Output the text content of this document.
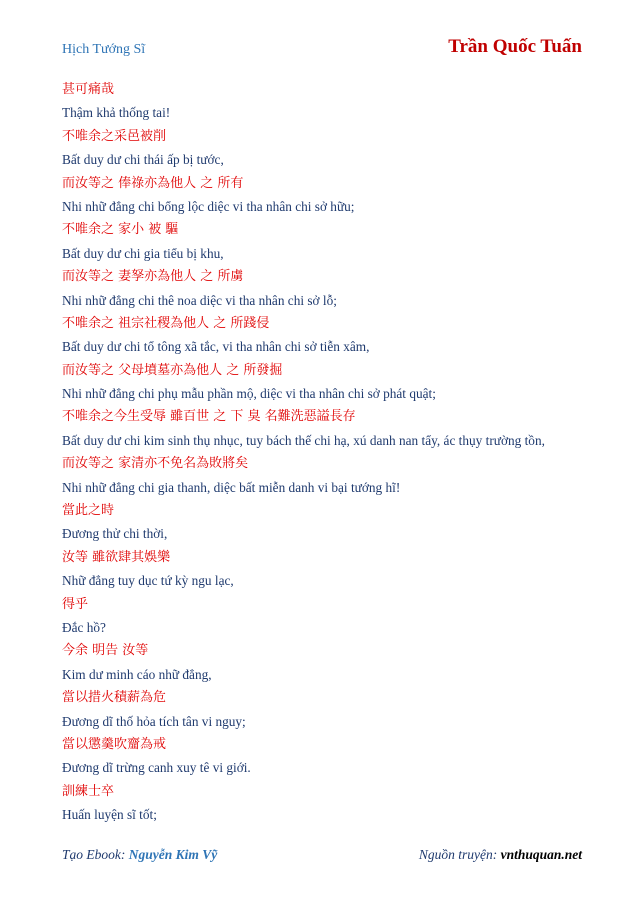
Hịch Tướng Sĩ	Trần Quốc Tuấn
甚可痛哉
Thậm khả thống tai!
不唯余之采邑被削
Bất duy dư chi thái ấp bị tước,
而汝等之 俸祿亦為他人 之 所有
Nhi nhữ đẳng chi bổng lộc diệc vi tha nhân chi sở hữu;
不唯余之 家小 被 驅
Bất duy dư chi gia tiểu bị khu,
而汝等之 妻孥亦為他人 之 所虜
Nhi nhữ đẳng chi thê noa diệc vi tha nhân chi sở lỗ;
不唯余之 祖宗社稷為他人 之 所踐侵
Bất duy dư chi tổ tông xã tắc, vi tha nhân chi sở tiễn xâm,
而汝等之 父母墳墓亦為他人 之 所發掘
Nhi nhữ đẳng chi phụ mẫu phần mộ, diệc vi tha nhân chi sở phát quật;
不唯余之今生受辱 雖百世 之 下 臭 名難洗惡謚長存
Bất duy dư chi kim sinh thụ nhục, tuy bách thế chi hạ, xú danh nan tẩy, ác thụy trường tồn,
而汝等之 家清亦不免名為敗將矣
Nhi nhữ đẳng chi gia thanh, diệc bất miễn danh vi bại tướng hĩ!
當此之時
Đương thử chi thời,
汝等 雖欲肆其娛樂
Nhữ đẳng tuy dục tứ kỳ ngu lạc,
得乎
Đắc hồ?
今余 明告 汝等
Kim dư minh cáo nhữ đẳng,
當以措火積薪為危
Đương dĩ thố hỏa tích tân vi nguy;
當以懲羹吹齏為戒
Đương dĩ trừng canh xuy tê vi giới.
訓練士卒
Huấn luyện sĩ tốt;
Tạo Ebook: Nguyễn Kim Vỹ	Nguồn truyện: vnthuquan.net
